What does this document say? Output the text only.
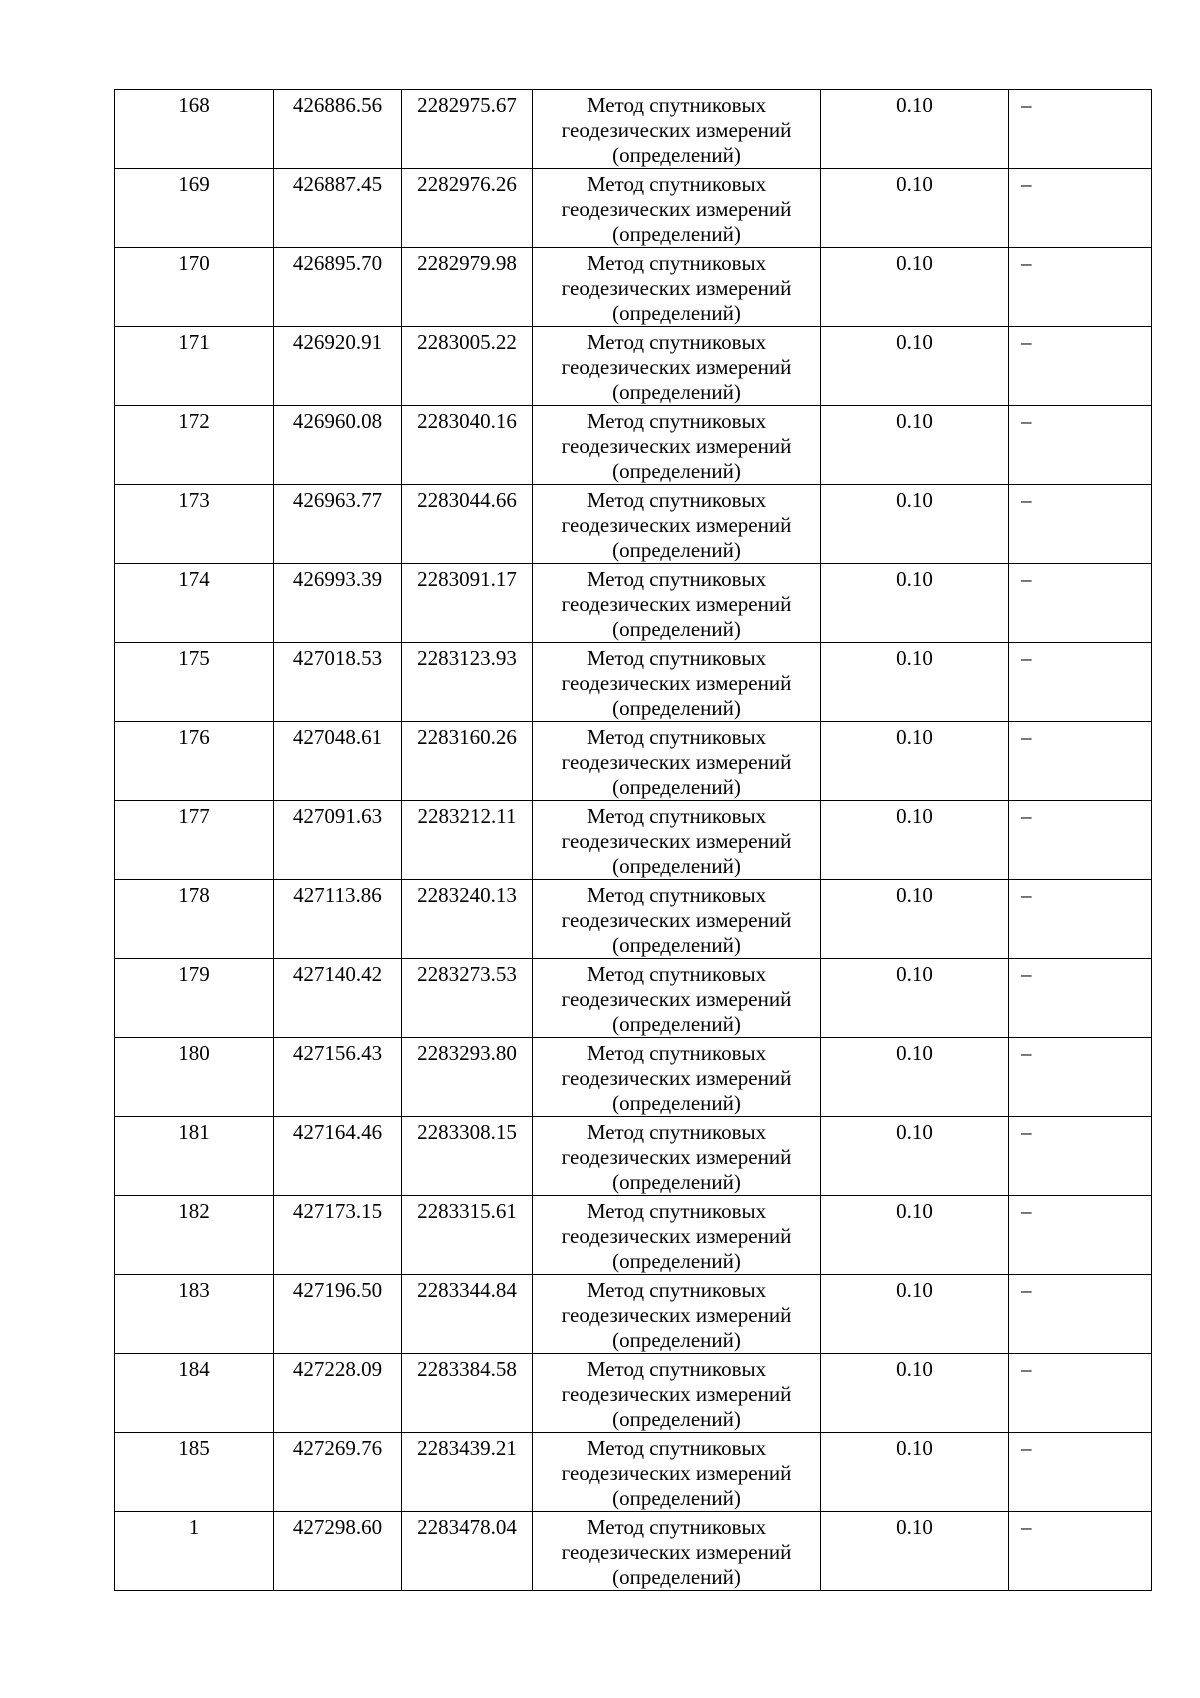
168	426886.56	2282975.67	Метод спутниковых геодезических измерений (определений)	0.10	–
169	426887.45	2282976.26	Метод спутниковых геодезических измерений (определений)	0.10	–
170	426895.70	2282979.98	Метод спутниковых геодезических измерений (определений)	0.10	–
171	426920.91	2283005.22	Метод спутниковых геодезических измерений (определений)	0.10	–
172	426960.08	2283040.16	Метод спутниковых геодезических измерений (определений)	0.10	–
173	426963.77	2283044.66	Метод спутниковых геодезических измерений (определений)	0.10	–
174	426993.39	2283091.17	Метод спутниковых геодезических измерений (определений)	0.10	–
175	427018.53	2283123.93	Метод спутниковых геодезических измерений (определений)	0.10	–
176	427048.61	2283160.26	Метод спутниковых геодезических измерений (определений)	0.10	–
177	427091.63	2283212.11	Метод спутниковых геодезических измерений (определений)	0.10	–
178	427113.86	2283240.13	Метод спутниковых геодезических измерений (определений)	0.10	–
179	427140.42	2283273.53	Метод спутниковых геодезических измерений (определений)	0.10	–
180	427156.43	2283293.80	Метод спутниковых геодезических измерений (определений)	0.10	–
181	427164.46	2283308.15	Метод спутниковых геодезических измерений (определений)	0.10	–
182	427173.15	2283315.61	Метод спутниковых геодезических измерений (определений)	0.10	–
183	427196.50	2283344.84	Метод спутниковых геодезических измерений (определений)	0.10	–
184	427228.09	2283384.58	Метод спутниковых геодезических измерений (определений)	0.10	–
185	427269.76	2283439.21	Метод спутниковых геодезических измерений (определений)	0.10	–
1	427298.60	2283478.04	Метод спутниковых геодезических измерений (определений)	0.10	–
